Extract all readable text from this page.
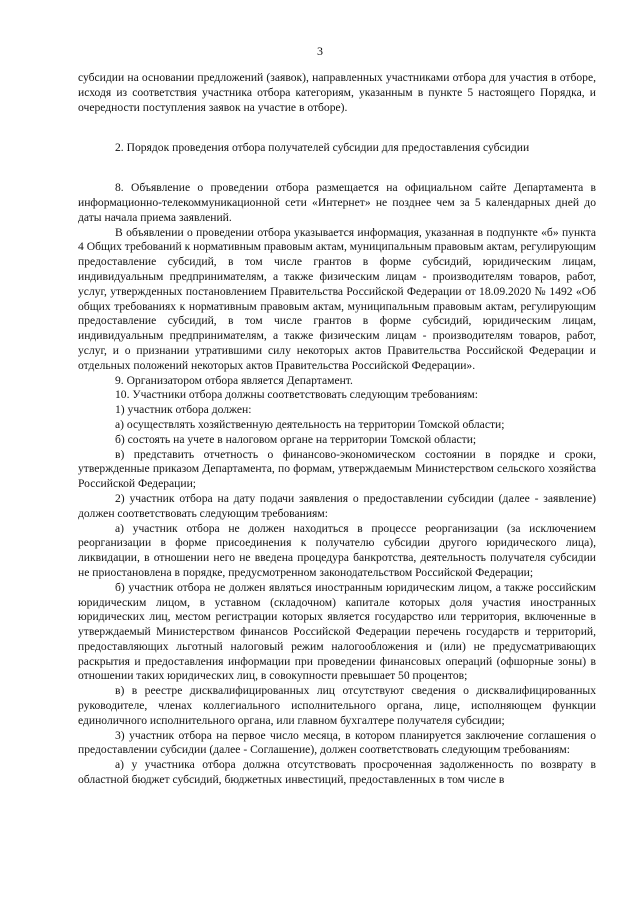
3

субсидии на основании предложений (заявок), направленных участниками отбора для участия в отборе, исходя из соответствия участника отбора категориям, указанным в пункте 5 настоящего Порядка, и очередности поступления заявок на участие в отборе).

2. Порядок проведения отбора получателей субсидии для предоставления субсидии

8. Объявление о проведении отбора размещается на официальном сайте Департамента в информационно-телекоммуникационной сети «Интернет» не позднее чем за 5 календарных дней до даты начала приема заявлений.

В объявлении о проведении отбора указывается информация, указанная в подпункте «б» пункта 4 Общих требований к нормативным правовым актам, муниципальным правовым актам, регулирующим предоставление субсидий, в том числе грантов в форме субсидий, юридическим лицам, индивидуальным предпринимателям, а также физическим лицам - производителям товаров, работ, услуг, утвержденных постановлением Правительства Российской Федерации от 18.09.2020 № 1492 «Об общих требованиях к нормативным правовым актам, муниципальным правовым актам, регулирующим предоставление субсидий, в том числе грантов в форме субсидий, юридическим лицам, индивидуальным предпринимателям, а также физическим лицам - производителям товаров, работ, услуг, и о признании утратившими силу некоторых актов Правительства Российской Федерации и отдельных положений некоторых актов Правительства Российской Федерации».

9. Организатором отбора является Департамент.

10. Участники отбора должны соответствовать следующим требованиям:

1) участник отбора должен:

а) осуществлять хозяйственную деятельность на территории Томской области;

б) состоять на учете в налоговом органе на территории Томской области;

в) представить отчетность о финансово-экономическом состоянии в порядке и сроки, утвержденные приказом Департамента, по формам, утверждаемым Министерством сельского хозяйства Российской Федерации;

2) участник отбора на дату подачи заявления о предоставлении субсидии (далее - заявление) должен соответствовать следующим требованиям:

а) участник отбора не должен находиться в процессе реорганизации (за исключением реорганизации в форме присоединения к получателю субсидии другого юридического лица), ликвидации, в отношении него не введена процедура банкротства, деятельность получателя субсидии не приостановлена в порядке, предусмотренном законодательством Российской Федерации;

б) участник отбора не должен являться иностранным юридическим лицом, а также российским юридическим лицом, в уставном (складочном) капитале которых доля участия иностранных юридических лиц, местом регистрации которых является государство или территория, включенные в утверждаемый Министерством финансов Российской Федерации перечень государств и территорий, предоставляющих льготный налоговый режим налогообложения и (или) не предусматривающих раскрытия и предоставления информации при проведении финансовых операций (офшорные зоны) в отношении таких юридических лиц, в совокупности превышает 50 процентов;

в) в реестре дисквалифицированных лиц отсутствуют сведения о дисквалифицированных руководителе, членах коллегиального исполнительного органа, лице, исполняющем функции единоличного исполнительного органа, или главном бухгалтере получателя субсидии;

3) участник отбора на первое число месяца, в котором планируется заключение соглашения о предоставлении субсидии (далее - Соглашение), должен соответствовать следующим требованиям:

а) у участника отбора должна отсутствовать просроченная задолженность по возврату в областной бюджет субсидий, бюджетных инвестиций, предоставленных в том числе в
